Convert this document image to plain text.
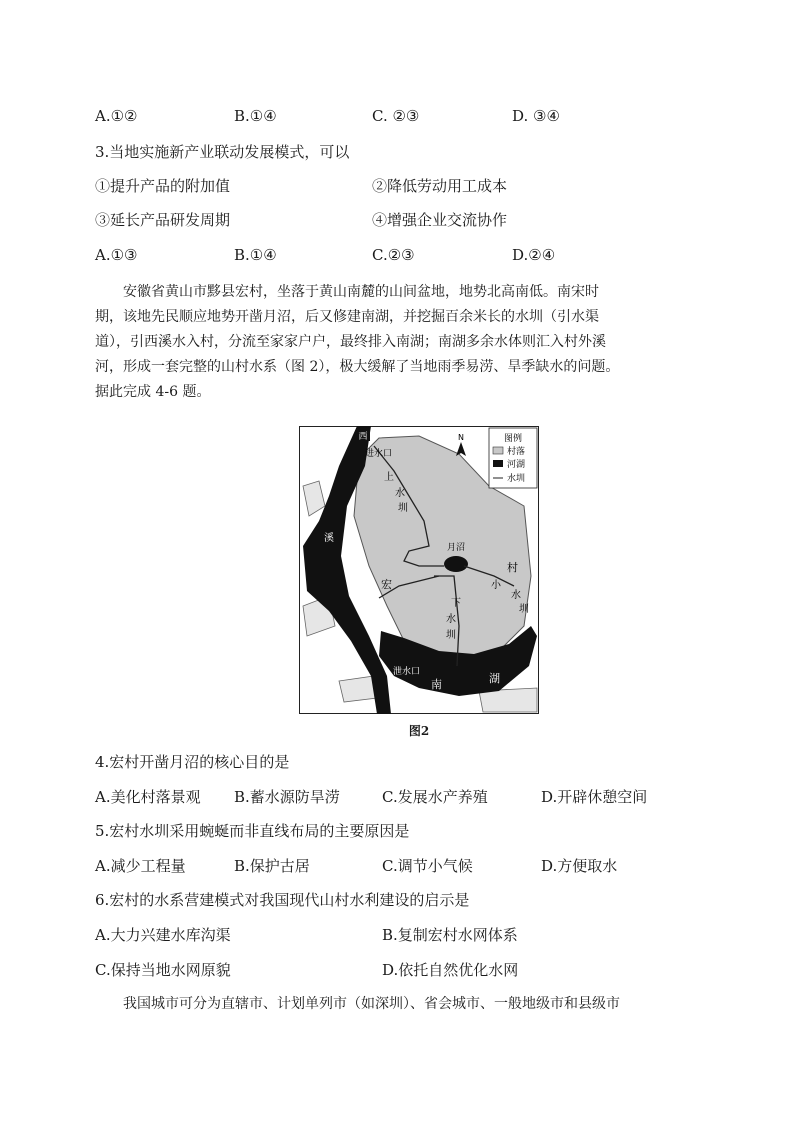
A.①②	B.①④	C. ②③	D. ③④
3.当地实施新产业联动发展模式，可以
①提升产品的附加值	②降低劳动用工成本
③延长产品研发周期	④增强企业交流协作
A.①③	B.①④	C.②③	D.②④
安徽省黄山市黟县宏村，坐落于黄山南麓的山间盆地，地势北高南低。南宋时
期，该地先民顺应地势开凿月沼，后又修建南湖，并挖掘百余米长的水圳（引水渠
道），引西溪水入村，分流至家家户户，最终排入南湖；南湖多余水体则汇入村外溪
河，形成一套完整的山村水系（图 2），极大缓解了当地雨季易涝、旱季缺水的问题。
据此完成 4-6 题。
图例
村落
河湖
水圳
N
西
溪
进水口
上
水
圳
月沼
宏
村
小
水
圳
下
水
圳
泄水口
南	湖
图2
4.宏村开凿月沼的核心目的是
A.美化村落景观 B.蓄水源防旱涝	C.发展水产养殖	D.开辟休憩空间
5.宏村水圳采用蜿蜒而非直线布局的主要原因是
A.减少工程量	B.保护古居	C.调节小气候	D.方便取水
6.宏村的水系营建模式对我国现代山村水利建设的启示是
A.大力兴建水库沟渠	B.复制宏村水网体系
C.保持当地水网原貌	D.依托自然优化水网
我国城市可分为直辖市、计划单列市（如深圳）、省会城市、一般地级市和县级市
